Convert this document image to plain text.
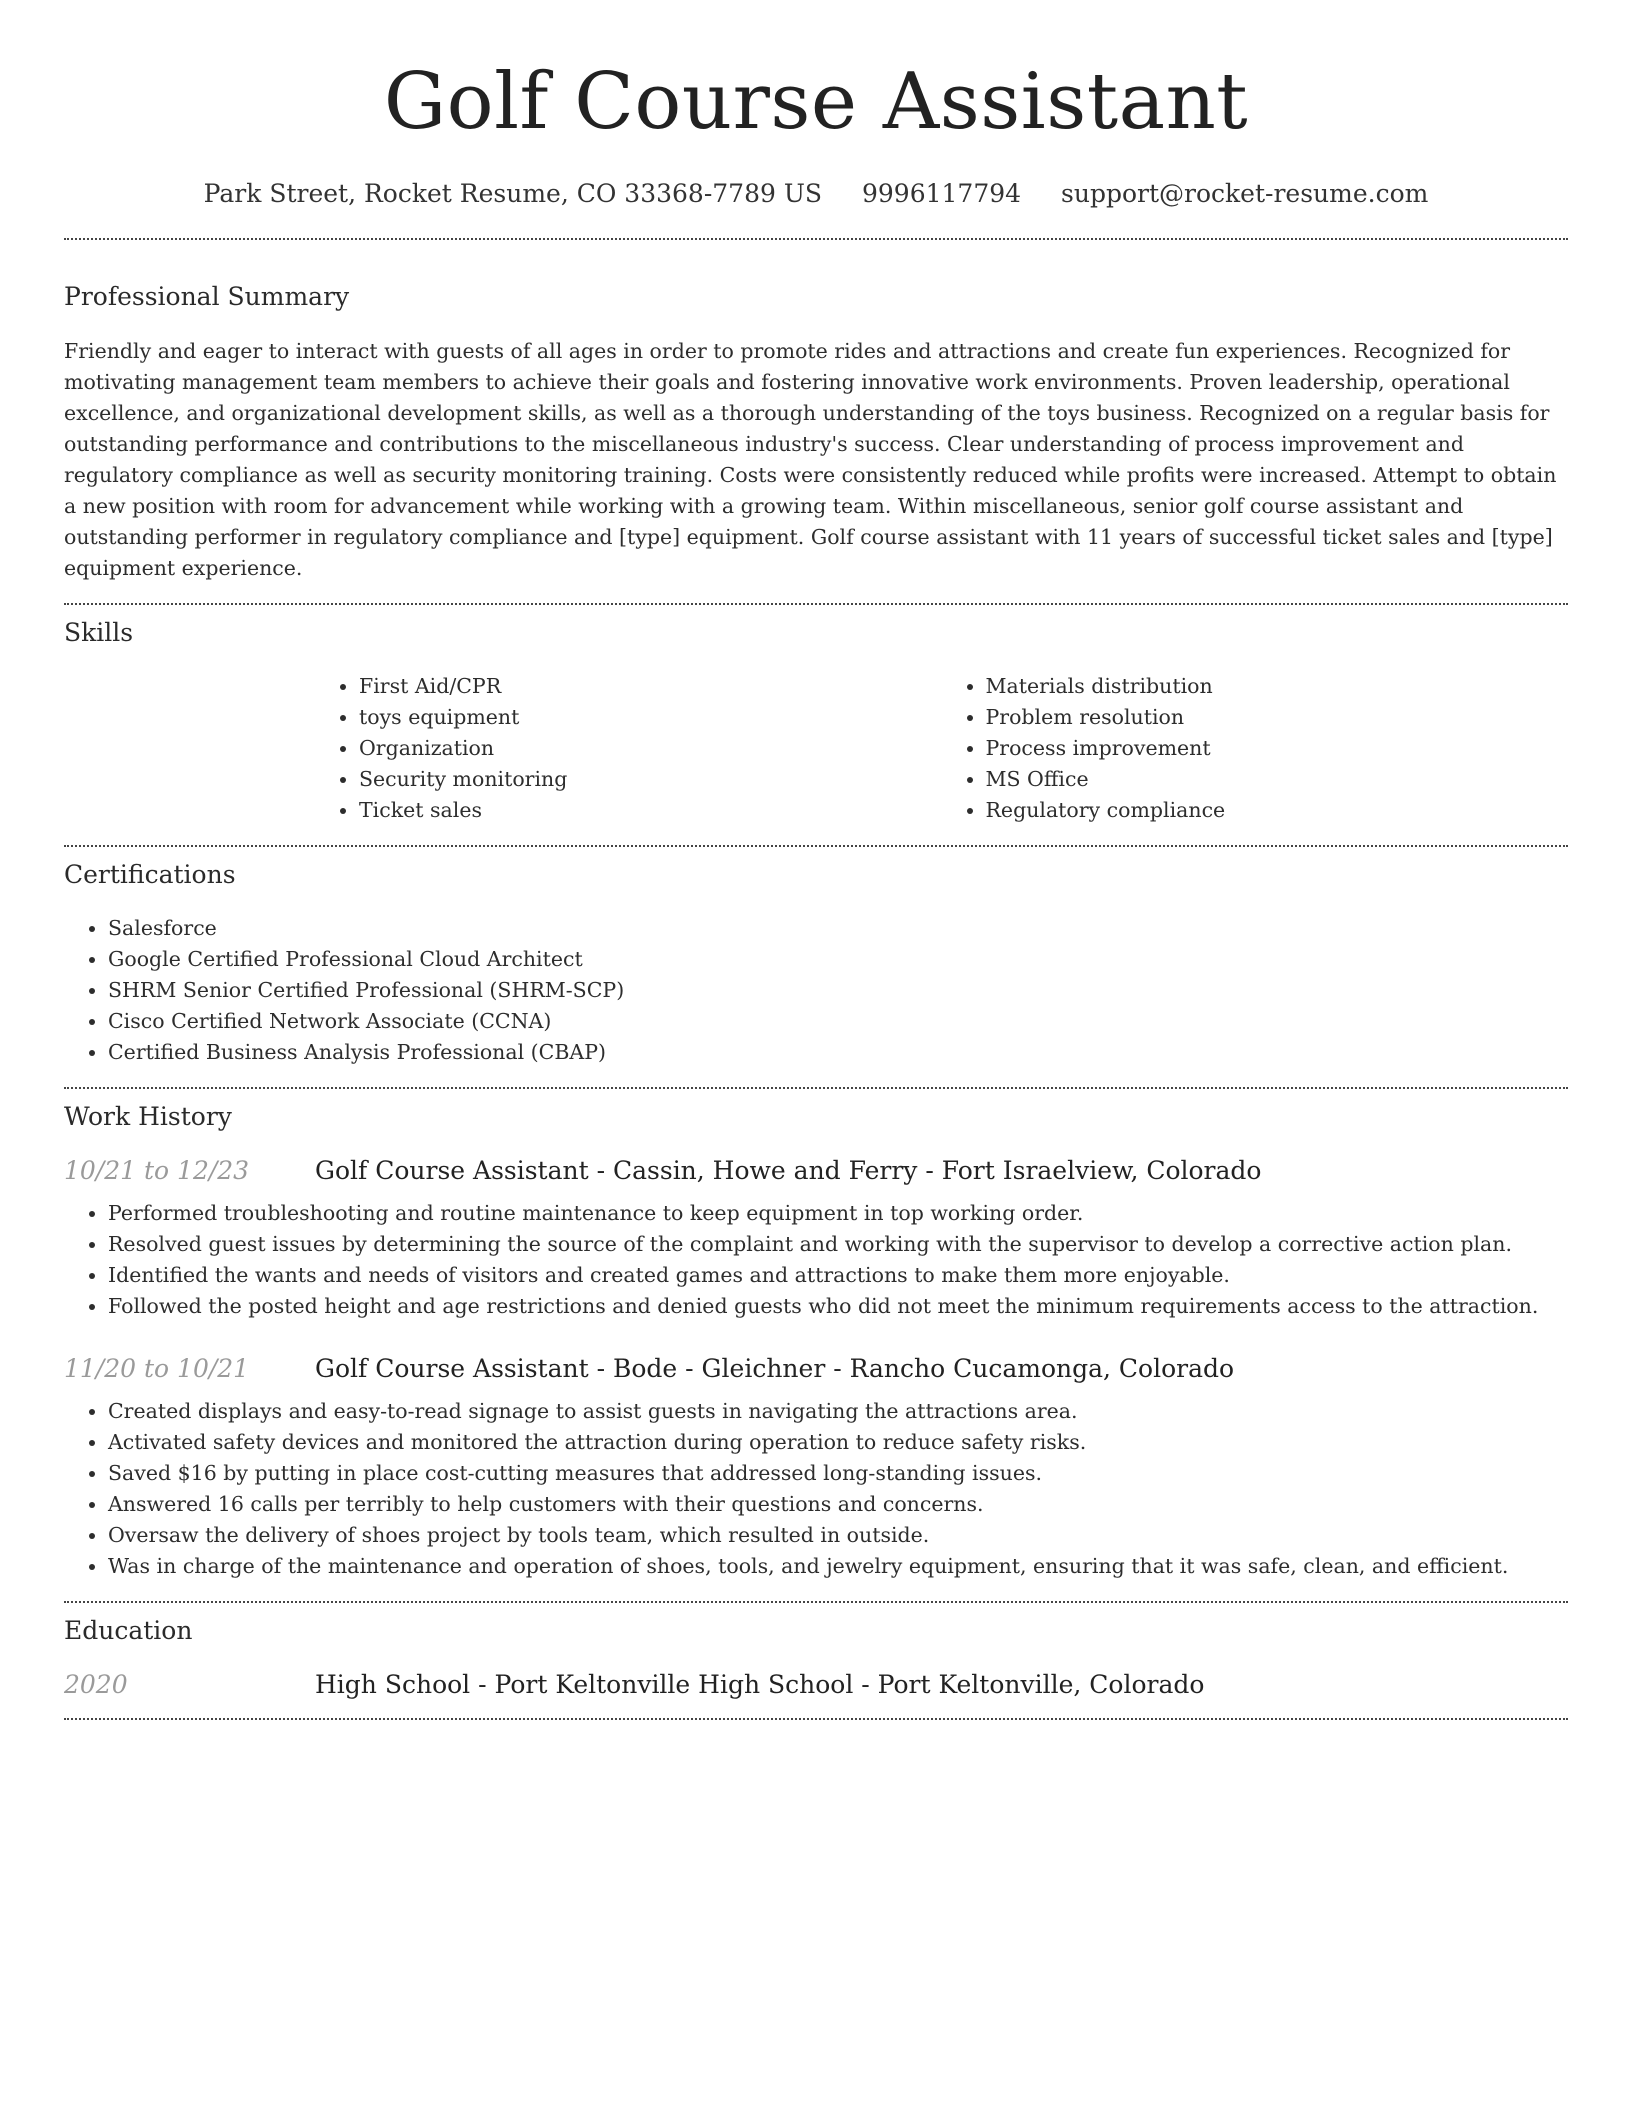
Golf Course Assistant
Park Street, Rocket Resume, CO 33368-7789 US 9996117794 support@rocket-resume.com
Professional Summary

Friendly and eager to interact with guests of all ages in order to promote rides and attractions and create fun experiences. Recognized for motivating management team members to achieve their goals and fostering innovative work environments. Proven leadership, operational excellence, and organizational development skills, as well as a thorough understanding of the toys business. Recognized on a regular basis for outstanding performance and contributions to the miscellaneous industry's success. Clear understanding of process improvement and regulatory compliance as well as security monitoring training. Costs were consistently reduced while profits were increased. Attempt to obtain a new position with room for advancement while working with a growing team. Within miscellaneous, senior golf course assistant and outstanding performer in regulatory compliance and [type] equipment. Golf course assistant with 11 years of successful ticket sales and [type] equipment experience.

Skills
• First Aid/CPR
• toys equipment
• Organization
• Security monitoring
• Ticket sales
• Materials distribution
• Problem resolution
• Process improvement
• MS Office
• Regulatory compliance
Certifications
• Salesforce
• Google Certified Professional Cloud Architect
• SHRM Senior Certified Professional (SHRM-SCP)
• Cisco Certified Network Associate (CCNA)
• Certified Business Analysis Professional (CBAP)
Work History
10/21 to 12/23	Golf Course Assistant - Cassin, Howe and Ferry - Fort Israelview, Colorado
• Performed troubleshooting and routine maintenance to keep equipment in top working order.
• Resolved guest issues by determining the source of the complaint and working with the supervisor to develop a corrective action plan.
• Identified the wants and needs of visitors and created games and attractions to make them more enjoyable.
• Followed the posted height and age restrictions and denied guests who did not meet the minimum requirements access to the attraction.
11/20 to 10/21	Golf Course Assistant - Bode - Gleichner - Rancho Cucamonga, Colorado
• Created displays and easy-to-read signage to assist guests in navigating the attractions area.
• Activated safety devices and monitored the attraction during operation to reduce safety risks.
• Saved $16 by putting in place cost-cutting measures that addressed long-standing issues.
• Answered 16 calls per terribly to help customers with their questions and concerns.
• Oversaw the delivery of shoes project by tools team, which resulted in outside.
• Was in charge of the maintenance and operation of shoes, tools, and jewelry equipment, ensuring that it was safe, clean, and efficient.
Education
2020	High School - Port Keltonville High School - Port Keltonville, Colorado
